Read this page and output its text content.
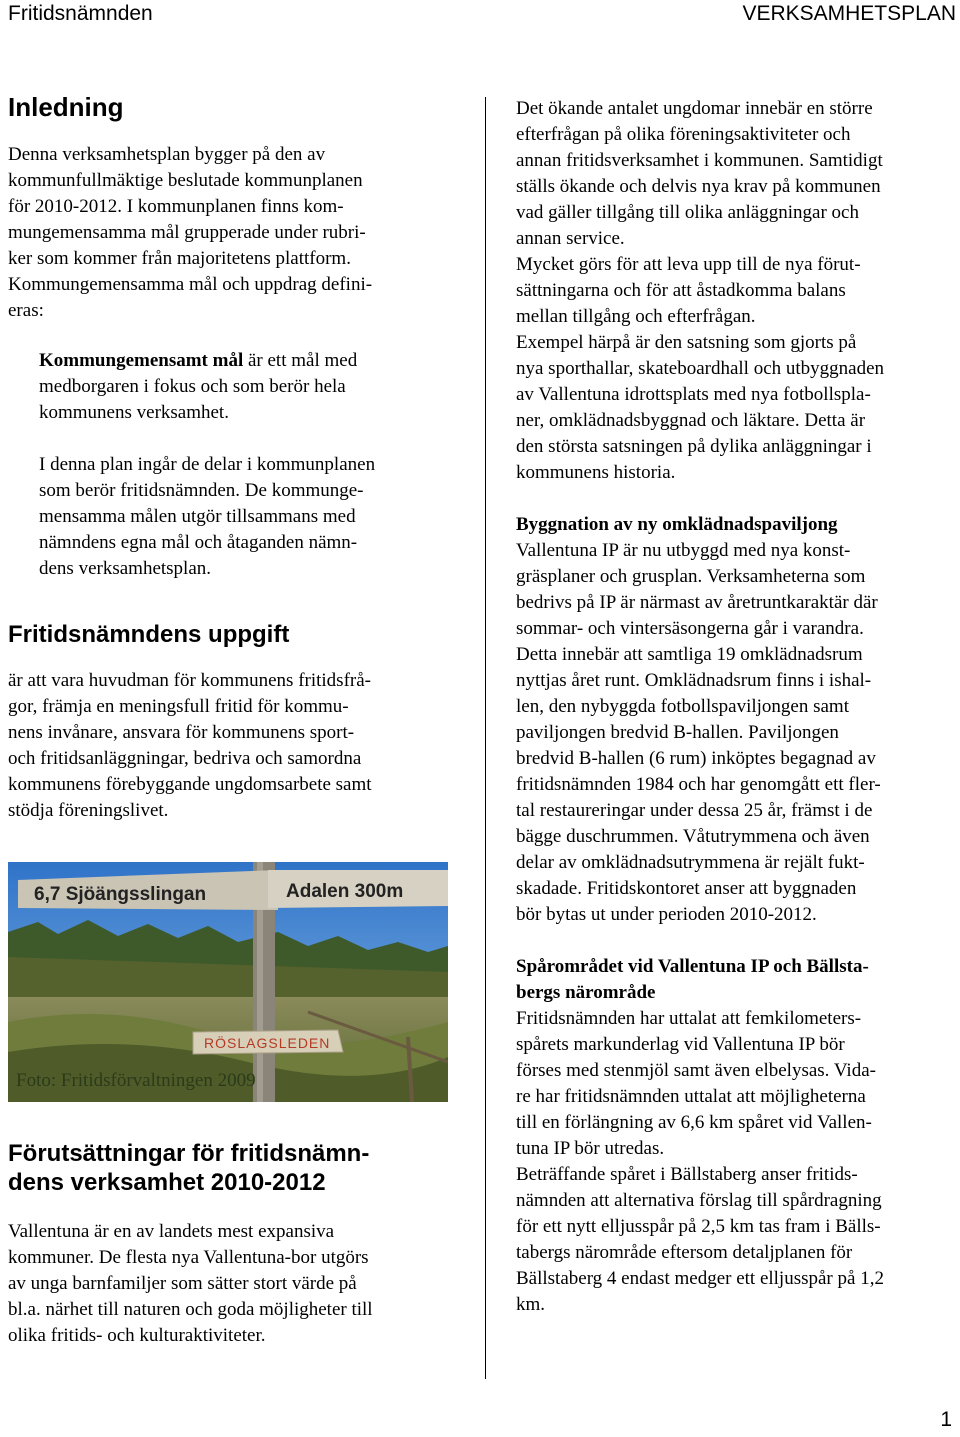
Fritidsnämnden	VERKSAMHETSPLAN
Inledning
Denna verksamhetsplan bygger på den av
kommunfullmäktige beslutade kommunplanen
för 2010-2012. I kommunplanen finns kom-
mungemensamma mål grupperade under rubri-
ker som kommer från majoritetens plattform.
Kommungemensamma mål och uppdrag defini-
eras:
Kommungemensamt mål är ett mål med
medborgaren i fokus och som berör hela
kommunens verksamhet.
I denna plan ingår de delar i kommunplanen
som berör fritidsnämnden. De kommunge-
mensamma målen utgör tillsammans med
nämndens egna mål och åtaganden nämn-
dens verksamhetsplan.
Fritidsnämndens uppgift
är att vara huvudman för kommunens fritidsfrå-
gor, främja en meningsfull fritid för kommu-
nens invånare, ansvara för kommunens sport-
och fritidsanläggningar, bedriva och samordna
kommunens förebyggande ungdomsarbete samt
stödja föreningslivet.
6,7 Sjöängsslingan	Adalen 300m
RÖSLAGSLEDEN
Foto: Fritidsförvaltningen 2009
Förutsättningar för fritidsnämn-
dens verksamhet 2010-2012
Vallentuna är en av landets mest expansiva
kommuner. De flesta nya Vallentuna-bor utgörs
av unga barnfamiljer som sätter stort värde på
bl.a. närhet till naturen och goda möjligheter till
olika fritids- och kulturaktiviteter.
Det ökande antalet ungdomar innebär en större
efterfrågan på olika föreningsaktiviteter och
annan fritidsverksamhet i kommunen. Samtidigt
ställs ökande och delvis nya krav på kommunen
vad gäller tillgång till olika anläggningar och
annan service.
Mycket görs för att leva upp till de nya förut-
sättningarna och för att åstadkomma balans
mellan tillgång och efterfrågan.
Exempel härpå är den satsning som gjorts på
nya sporthallar, skateboardhall och utbyggnaden
av Vallentuna idrottsplats med nya fotbollspla-
ner, omklädnadsbyggnad och läktare. Detta är
den största satsningen på dylika anläggningar i
kommunens historia.
Byggnation av ny omklädnadspaviljong
Vallentuna IP är nu utbyggd med nya konst-
gräsplaner och grusplan. Verksamheterna som
bedrivs på IP är närmast av åretruntkaraktär där
sommar- och vintersäsongerna går i varandra.
Detta innebär att samtliga 19 omklädnadsrum
nyttjas året runt. Omklädnadsrum finns i ishal-
len, den nybyggda fotbollspaviljongen samt
paviljongen bredvid B-hallen. Paviljongen
bredvid B-hallen (6 rum) inköptes begagnad av
fritidsnämnden 1984 och har genomgått ett fler-
tal restaureringar under dessa 25 år, främst i de
bägge duschrummen. Våtutrymmena och även
delar av omklädnadsutrymmena är rejält fukt-
skadade. Fritidskontoret anser att byggnaden
bör bytas ut under perioden 2010-2012.
Spårområdet vid Vallentuna IP och Bällsta-
bergs närområde
Fritidsnämnden har uttalat att femkilometers-
spårets markunderlag vid Vallentuna IP bör
förses med stenmjöl samt även elbelysas. Vida-
re har fritidsnämnden uttalat att möjligheterna
till en förlängning av 6,6 km spåret vid Vallen-
tuna IP bör utredas.
Beträffande spåret i Bällstaberg anser fritids-
nämnden att alternativa förslag till spårdragning
för ett nytt elljusspår på 2,5 km tas fram i Bälls-
tabergs närområde eftersom detaljplanen för
Bällstaberg 4 endast medger ett elljusspår på 1,2
km.
1
